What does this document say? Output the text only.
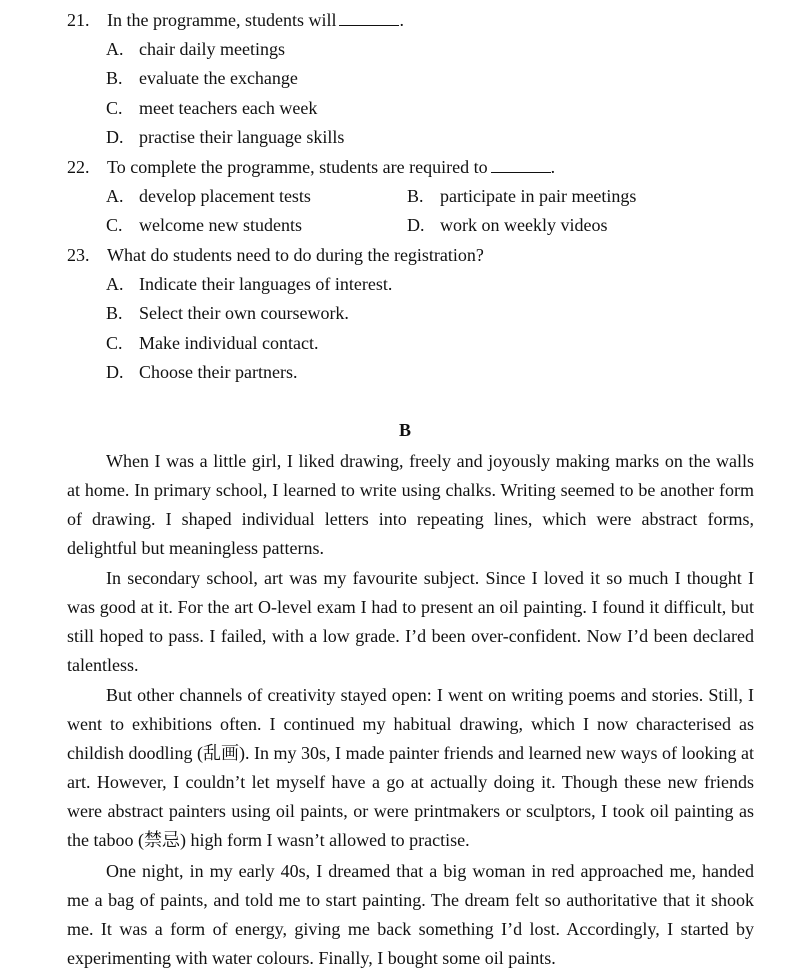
21. In the programme, students will	.
A. chair daily meetings
B. evaluate the exchange
C. meet teachers each week
D. practise their language skills
22. To complete the programme, students are required to	.
A. develop placement tests	B. participate in pair meetings
C. welcome new students	D. work on weekly videos
23. What do students need to do during the registration?
A. Indicate their languages of interest.
B. Select their own coursework.
C. Make individual contact.
D. Choose their partners.
B

When I was a little girl, I liked drawing, freely and joyously making marks on the walls at home. In primary school, I learned to write using chalks. Writing seemed to be another form of drawing. I shaped individual letters into repeating lines, which were abstract forms, delightful but meaningless patterns.

In secondary school, art was my favourite subject. Since I loved it so much I thought I was good at it. For the art O-level exam I had to present an oil painting. I found it difficult, but still hoped to pass. I failed, with a low grade. I’d been over-confident. Now I’d been declared talentless.

But other channels of creativity stayed open: I went on writing poems and stories. Still, I went to exhibitions often. I continued my habitual drawing, which I now characterised as childish doodling (乱画). In my 30s, I made painter friends and learned new ways of looking at art. However, I couldn’t let myself have a go at actually doing it. Though these new friends were abstract painters using oil paints, or were printmakers or sculptors, I took oil painting as the taboo (禁忌) high form I wasn’t allowed to practise.

One night, in my early 40s, I dreamed that a big woman in red approached me, handed me a bag of paints, and told me to start painting. The dream felt so authoritative that it shook me. It was a form of energy, giving me back something I’d lost. Accordingly, I started by experimenting with water colours. Finally, I bought some oil paints.
